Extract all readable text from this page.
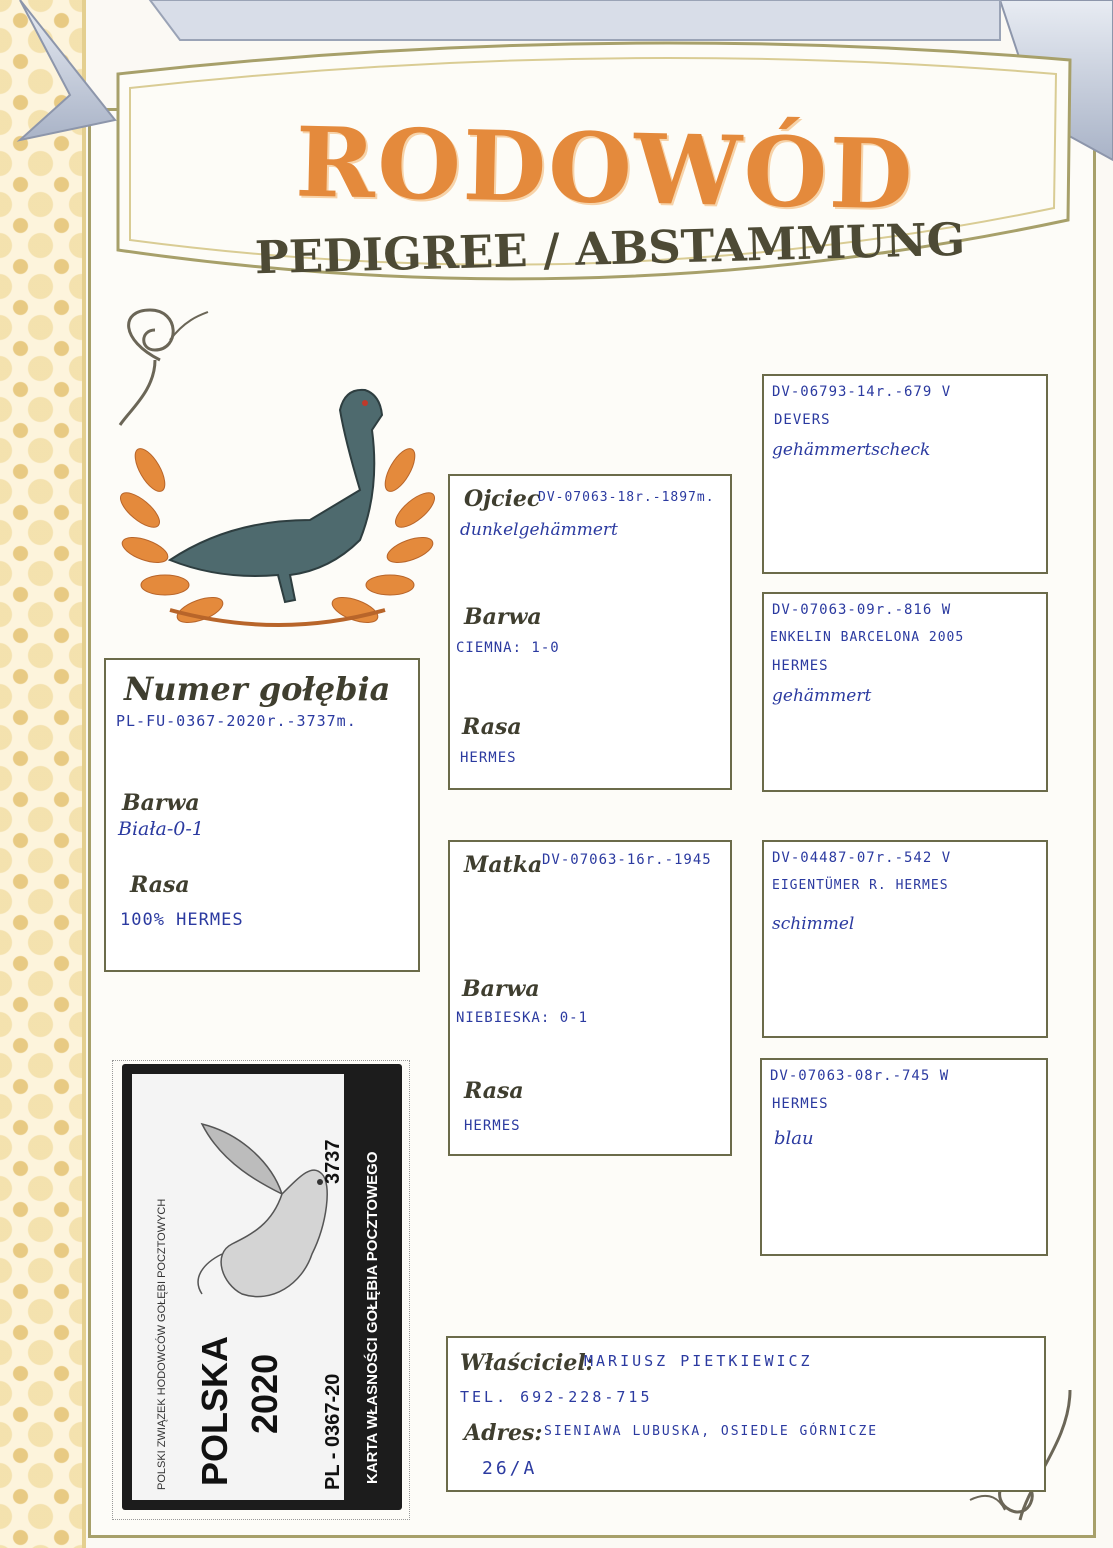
RODOWÓD
PEDIGREE / ABSTAMMUNG
Numer gołębia
PL-FU-0367-2020r.-3737m.
Barwa
Biała-0-1
Rasa
100% HERMES
Ojciec
DV-07063-18r.-1897m.
dunkelgehämmert
Barwa
CIEMNA: 1-0
Rasa
HERMES
Matka DV-07063-16r.-1945
Barwa
NIEBIESKA: 0-1
Rasa
HERMES
DV-06793-14r.-679 V
DEVERS
gehämmertscheck
DV-07063-09r.-816 W
ENKELIN BARCELONA 2005
HERMES
gehämmert
DV-04487-07r.-542 V
EIGENTÜMER R. HERMES
schimmel
DV-07063-08r.-745 W
HERMES
blau
Właściciel:
MARIUSZ PIETKIEWICZ
TEL. 692-228-715
Adres: SIENIAWA LUBUSKA, OSIEDLE GÓRNICZE
26/A
POLSKI ZWIĄZEK HODOWCÓW GOŁĘBI POCZTOWYCH POLSKA 2020 PL - 0367-20
3737 KARTA WŁASNOŚCI GOŁĘBIA POCZTOWEGO
